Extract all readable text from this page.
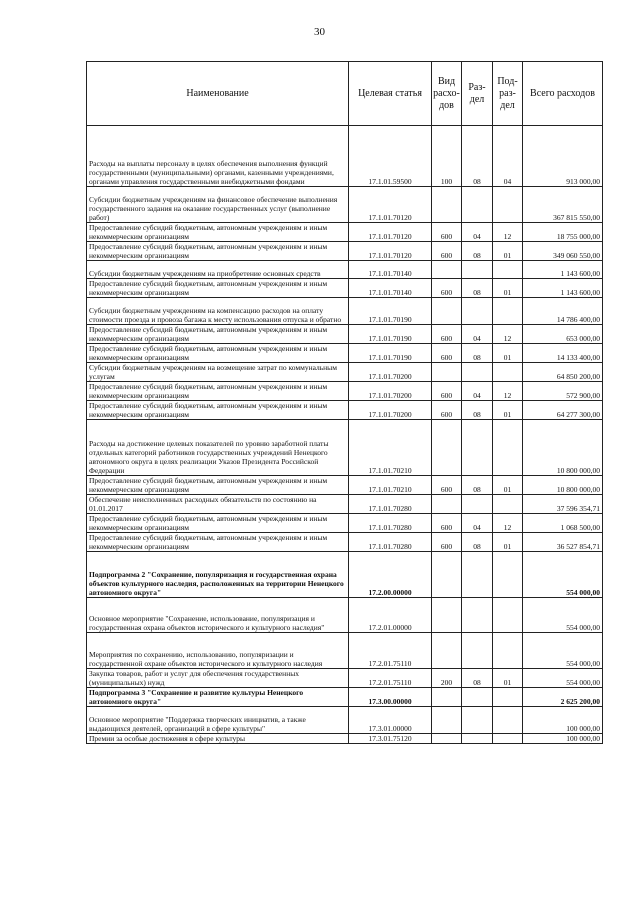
30
Наименование	Целевая статья	Вид расхо-дов	Раз-дел	Под-раз-дел	Всего расходов
Расходы на выплаты персоналу в целях обеспечения выполнения функций государственными (муниципальными) органами, казенными учреждениями, органами управления государственными внебюджетными фондами	17.1.01.59500	100	08	04	913 000,00
Субсидии бюджетным учреждениям на финансовое обеспечение выполнения государственного задания на оказание государственных услуг (выполнение работ)	17.1.01.70120				367 815 550,00
Предоставление субсидий бюджетным, автономным учреждениям и иным некоммерческим организациям	17.1.01.70120	600	04	12	18 755 000,00
Предоставление субсидий бюджетным, автономным учреждениям и иным некоммерческим организациям	17.1.01.70120	600	08	01	349 060 550,00
Субсидии бюджетным учреждениям на приобретение основных средств	17.1.01.70140				1 143 600,00
Предоставление субсидий бюджетным, автономным учреждениям и иным некоммерческим организациям	17.1.01.70140	600	08	01	1 143 600,00
Субсидии бюджетным учреждениям на компенсацию расходов на оплату стоимости проезда и провоза багажа к месту использования отпуска и обратно	17.1.01.70190				14 786 400,00
Предоставление субсидий бюджетным, автономным учреждениям и иным некоммерческим организациям	17.1.01.70190	600	04	12	653 000,00
Предоставление субсидий бюджетным, автономным учреждениям и иным некоммерческим организациям	17.1.01.70190	600	08	01	14 133 400,00
Субсидии бюджетным учреждениям на возмещение затрат по коммунальным услугам	17.1.01.70200				64 850 200,00
Предоставление субсидий бюджетным, автономным учреждениям и иным некоммерческим организациям	17.1.01.70200	600	04	12	572 900,00
Предоставление субсидий бюджетным, автономным учреждениям и иным некоммерческим организациям	17.1.01.70200	600	08	01	64 277 300,00
Расходы на достижение целевых показателей по уровню заработной платы отдельных категорий работников государственных учреждений Ненецкого автономного округа в целях реализации Указов Президента Российской Федерации	17.1.01.70210				10 800 000,00
Предоставление субсидий бюджетным, автономным учреждениям и иным некоммерческим организациям	17.1.01.70210	600	08	01	10 800 000,00
Обеспечение неисполненных расходных обязательств по состоянию на 01.01.2017	17.1.01.70280				37 596 354,71
Предоставление субсидий бюджетным, автономным учреждениям и иным некоммерческим организациям	17.1.01.70280	600	04	12	1 068 500,00
Предоставление субсидий бюджетным, автономным учреждениям и иным некоммерческим организациям	17.1.01.70280	600	08	01	36 527 854,71
Подпрограмма 2 "Сохранение, популяризация и государственная охрана объектов культурного наследия, расположенных на территории Ненецкого автономного округа"	17.2.00.00000				554 000,00
Основное мероприятие "Сохранение, использование, популяризация и государственная охрана объектов исторического и культурного наследия"	17.2.01.00000				554 000,00
Мероприятия по сохранению, использованию, популяризации и государственной охране объектов исторического и культурного наследия	17.2.01.75110				554 000,00
Закупка товаров, работ и услуг для обеспечения государственных (муниципальных) нужд	17.2.01.75110	200	08	01	554 000,00
Подпрограмма 3 "Сохранение и развитие культуры Ненецкого автономного округа"	17.3.00.00000				2 625 200,00
Основное мероприятие "Поддержка творческих инициатив, а также выдающихся деятелей, организаций в сфере культуры"	17.3.01.00000				100 000,00
Премии за особые достижения в сфере культуры	17.3.01.75120				100 000,00
